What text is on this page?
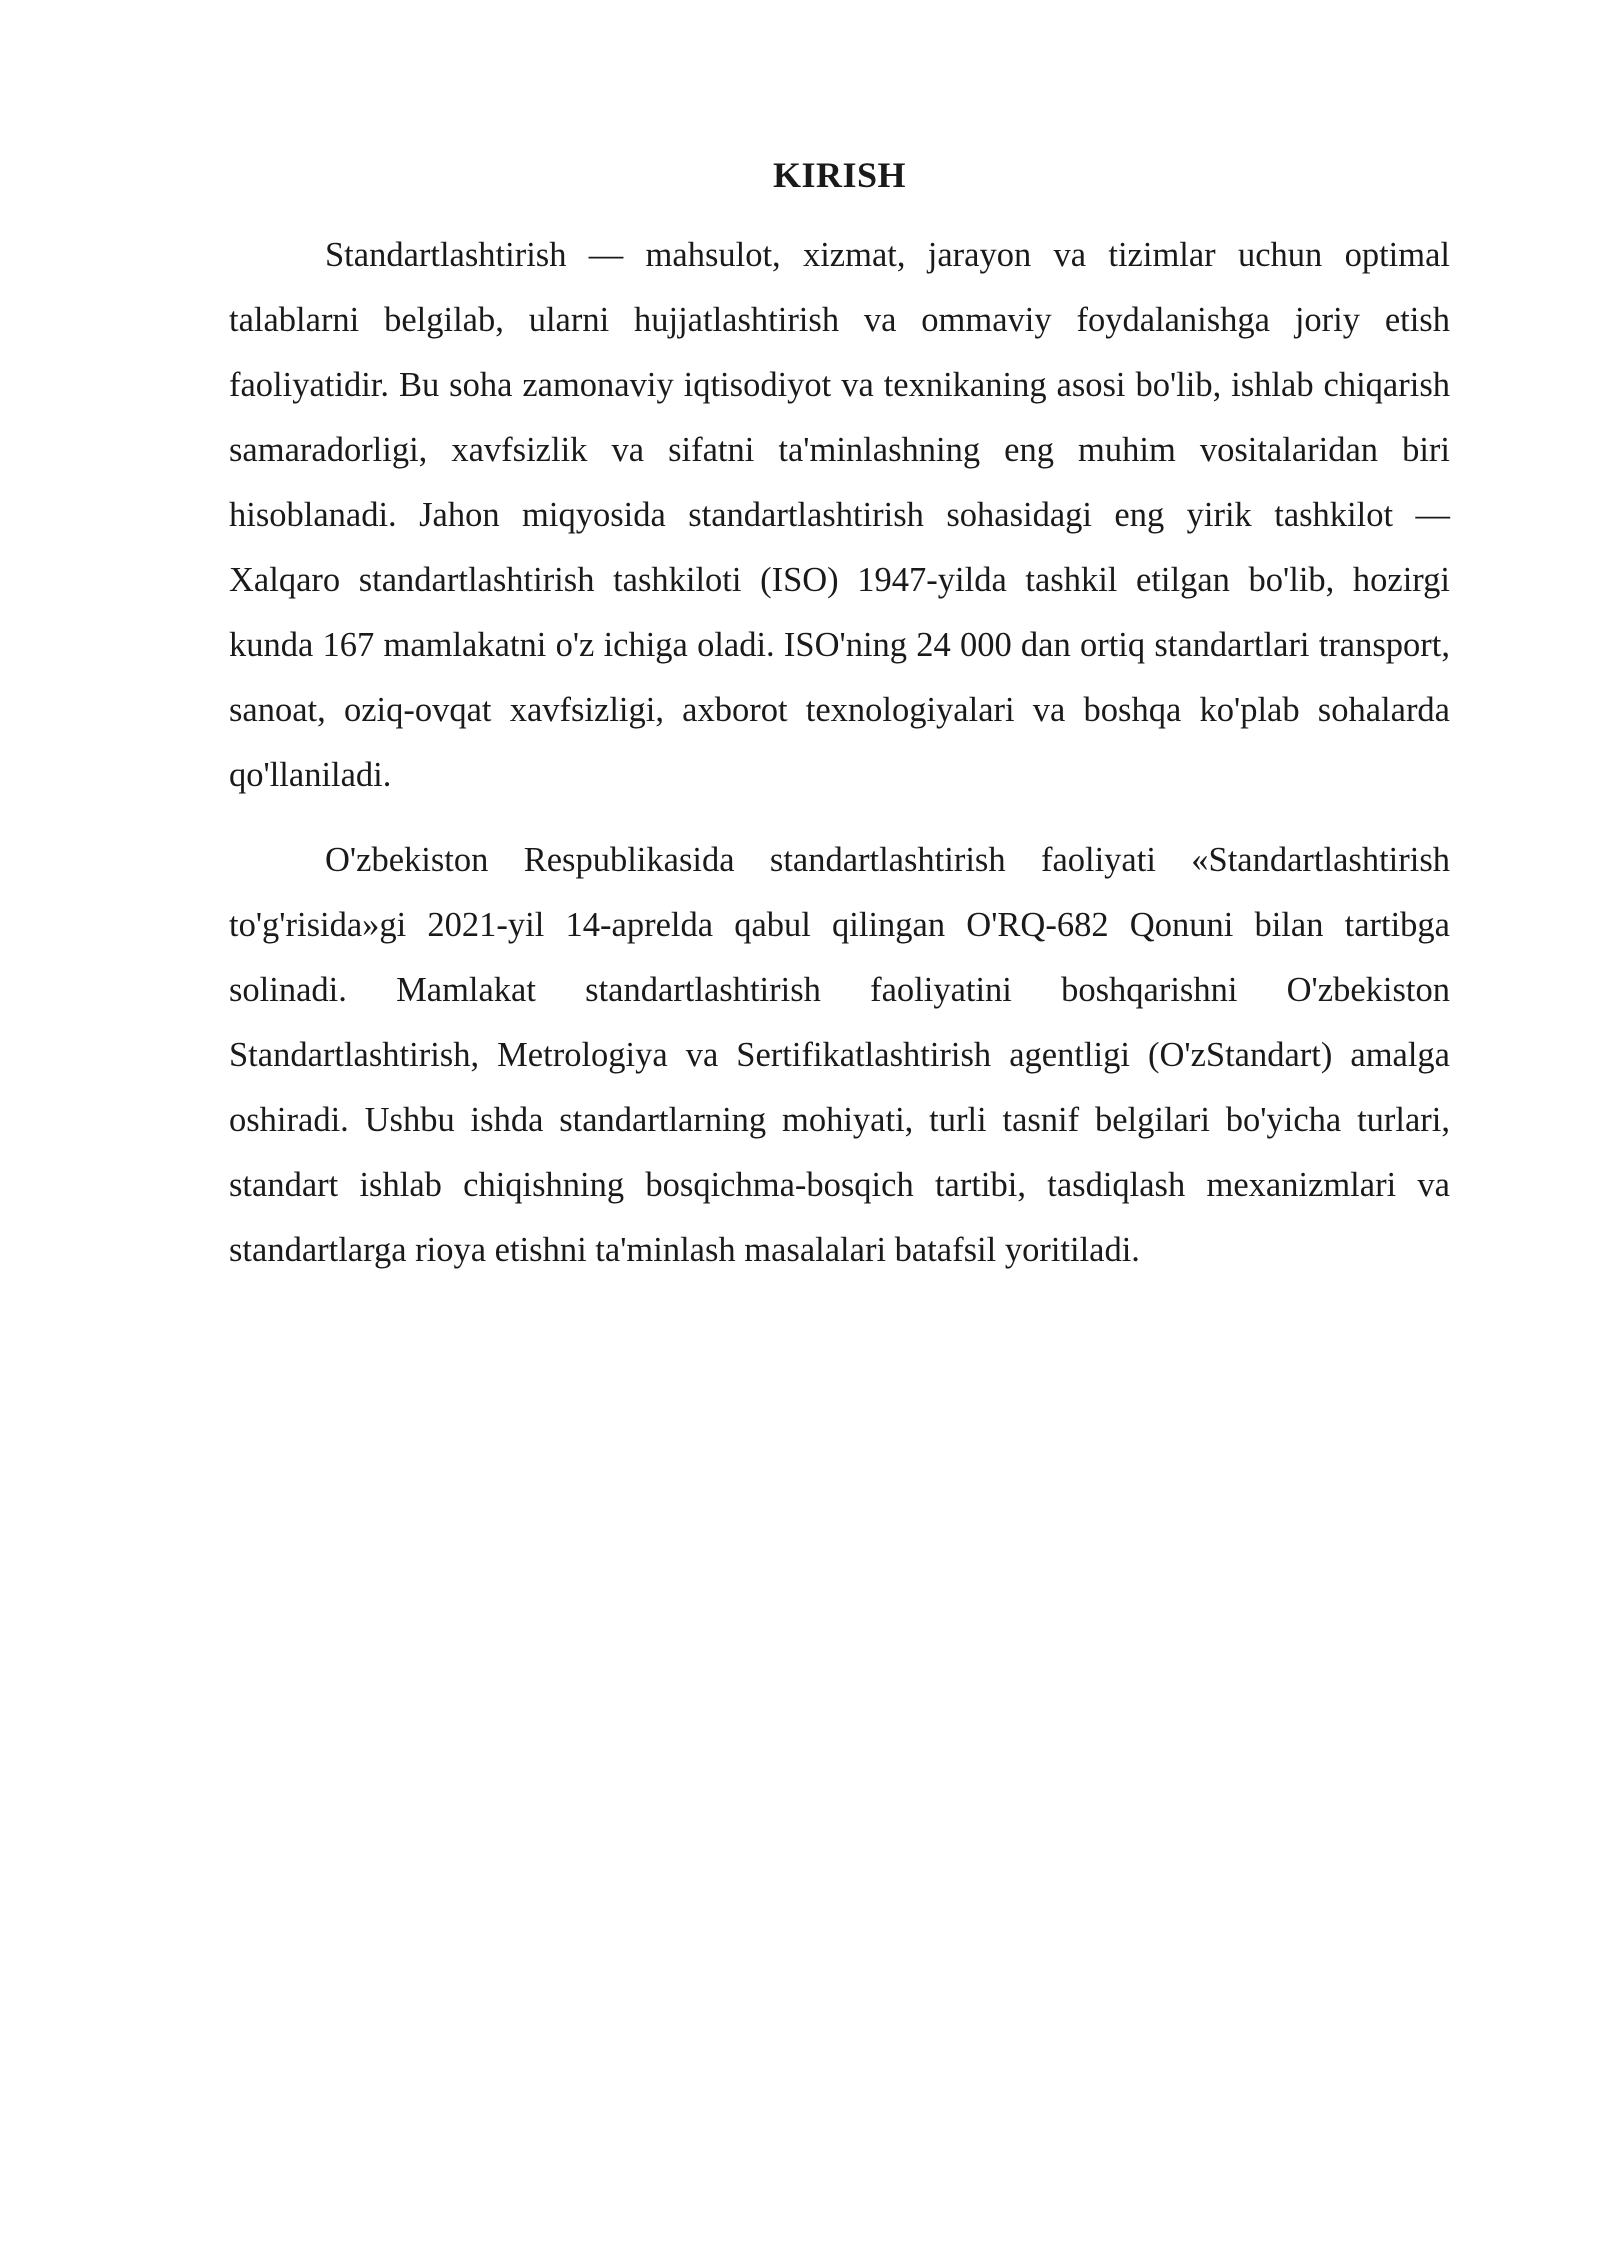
KIRISH

Standartlashtirish — mahsulot, xizmat, jarayon va tizimlar uchun optimal talablarni belgilab, ularni hujjatlashtirish va ommaviy foydalanishga joriy etish faoliyatidir. Bu soha zamonaviy iqtisodiyot va texnikaning asosi bo'lib, ishlab chiqarish samaradorligi, xavfsizlik va sifatni ta'minlashning eng muhim vositalaridan biri hisoblanadi. Jahon miqyosida standartlashtirish sohasidagi eng yirik tashkilot — Xalqaro standartlashtirish tashkiloti (ISO) 1947-yilda tashkil etilgan bo'lib, hozirgi kunda 167 mamlakatni o'z ichiga oladi. ISO'ning 24 000 dan ortiq standartlari transport, sanoat, oziq-ovqat xavfsizligi, axborot texnologiyalari va boshqa ko'plab sohalarda qo'llaniladi.

O'zbekiston Respublikasida standartlashtirish faoliyati «Standartlashtirish to'g'risida»gi 2021-yil 14-aprelda qabul qilingan O'RQ-682 Qonuni bilan tartibga solinadi. Mamlakat standartlashtirish faoliyatini boshqarishni O'zbekiston Standartlashtirish, Metrologiya va Sertifikatlashtirish agentligi (O'zStandart) amalga oshiradi. Ushbu ishda standartlarning mohiyati, turli tasnif belgilari bo'yicha turlari, standart ishlab chiqishning bosqichma-bosqich tartibi, tasdiqlash mexanizmlari va standartlarga rioya etishni ta'minlash masalalari batafsil yoritiladi.
